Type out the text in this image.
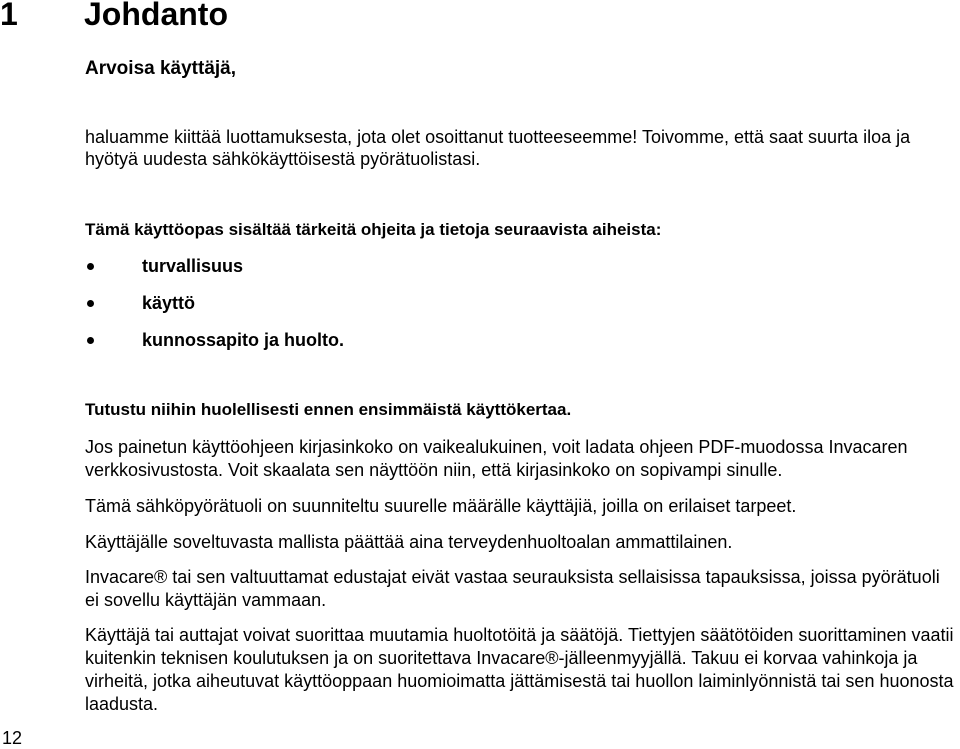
1 Johdanto
Arvoisa käyttäjä,
haluamme kiittää luottamuksesta, jota olet osoittanut tuotteeseemme! Toivomme, että saat suurta iloa ja hyötyä uudesta sähkökäyttöisestä pyörätuolistasi.
Tämä käyttöopas sisältää tärkeitä ohjeita ja tietoja seuraavista aiheista:
turvallisuus
käyttö
kunnossapito ja huolto.
Tutustu niihin huolellisesti ennen ensimmäistä käyttökertaa.
Jos painetun käyttöohjeen kirjasinkoko on vaikealukuinen, voit ladata ohjeen PDF-muodossa Invacaren verkkosivustosta. Voit skaalata sen näyttöön niin, että kirjasinkoko on sopivampi sinulle.
Tämä sähköpyörätuoli on suunniteltu suurelle määrälle käyttäjiä, joilla on erilaiset tarpeet.
Käyttäjälle soveltuvasta mallista päättää aina terveydenhuoltoalan ammattilainen.
Invacare® tai sen valtuuttamat edustajat eivät vastaa seurauksista sellaisissa tapauksissa, joissa pyörätuoli ei sovellu käyttäjän vammaan.
Käyttäjä tai auttajat voivat suorittaa muutamia huoltotöitä ja säätöjä. Tiettyjen säätötöiden suorittaminen vaatii kuitenkin teknisen koulutuksen ja on suoritettava Invacare®-jälleenmyyjällä. Takuu ei korvaa vahinkoja ja virheitä, jotka aiheutuvat käyttöoppaan huomioimatta jättämisestä tai huollon laiminlyönnistä tai sen huonosta laadusta.
12
